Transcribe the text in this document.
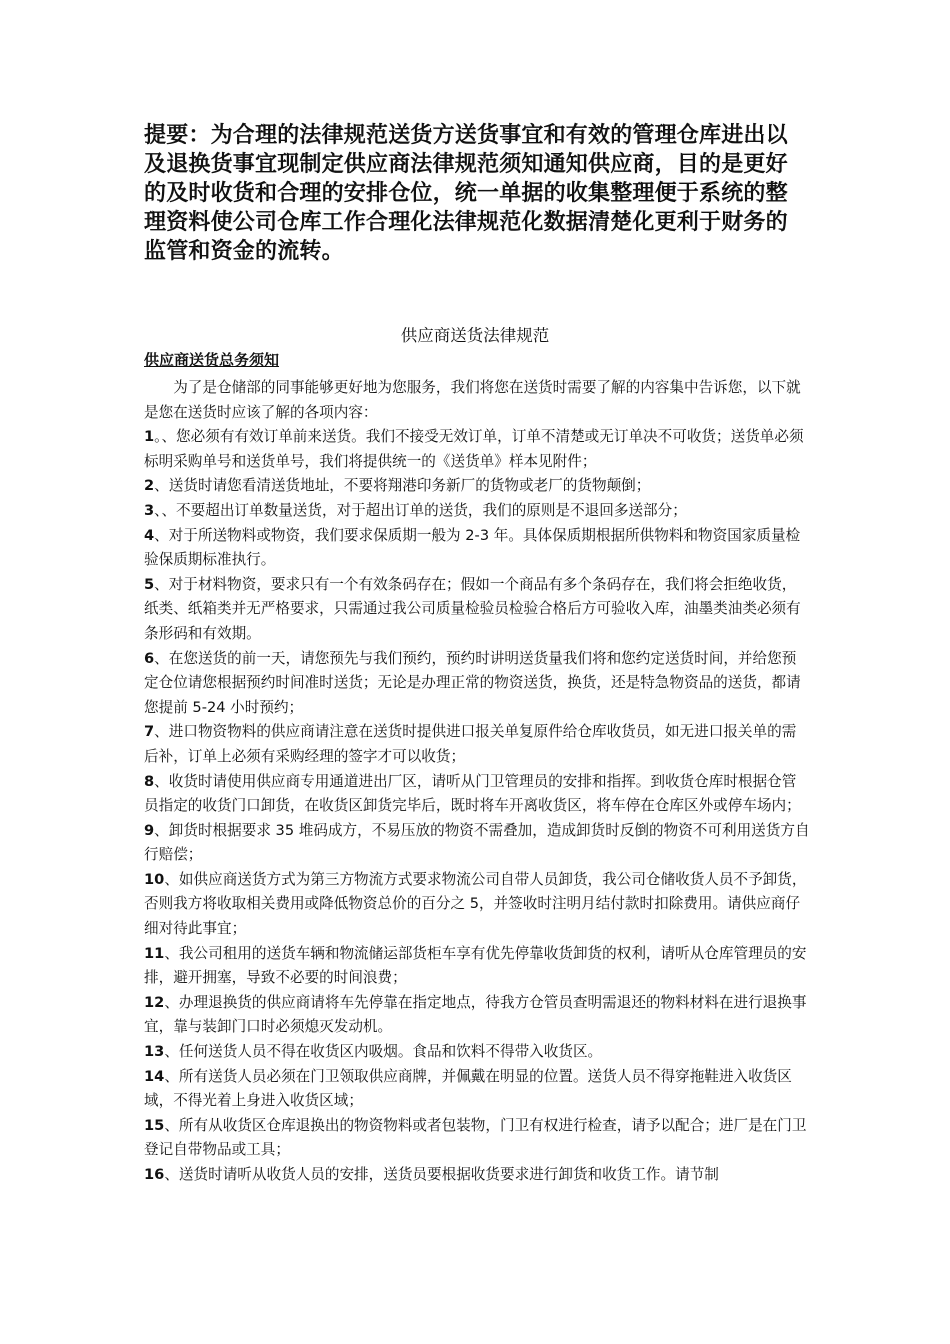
提要：为合理的法律规范送货方送货事宜和有效的管理仓库进出以及退换货事宜现制定供应商法律规范须知通知供应商，目的是更好的及时收货和合理的安排仓位，统一单据的收集整理便于系统的整理资料使公司仓库工作合理化法律规范化数据清楚化更利于财务的监管和资金的流转。

供应商送货法律规范
供应商送货总务须知

为了是仓储部的同事能够更好地为您服务，我们将您在送货时需要了解的内容集中告诉您，以下就是您在送货时应该了解的各项内容：

1。、您必须有有效订单前来送货。我们不接受无效订单，订单不清楚或无订单决不可收货；送货单必须标明采购单号和送货单号，我们将提供统一的《送货单》样本见附件；

2、送货时请您看清送货地址，不要将翔港印务新厂的货物或老厂的货物颠倒；

3、、不要超出订单数量送货，对于超出订单的送货，我们的原则是不退回多送部分；

4、对于所送物料或物资，我们要求保质期一般为 2-3 年。具体保质期根据所供物料和物资国家质量检验保质期标准执行。

5、对于材料物资，要求只有一个有效条码存在；假如一个商品有多个条码存在，我们将会拒绝收货，纸类、纸箱类并无严格要求，只需通过我公司质量检验员检验合格后方可验收入库，油墨类油类必须有条形码和有效期。

6、在您送货的前一天，请您预先与我们预约，预约时讲明送货量我们将和您约定送货时间，并给您预定仓位请您根据预约时间准时送货；无论是办理正常的物资送货，换货，还是特急物资品的送货，都请您提前 5-24 小时预约；

7、进口物资物料的供应商请注意在送货时提供进口报关单复原件给仓库收货员，如无进口报关单的需后补，订单上必须有采购经理的签字才可以收货；

8、收货时请使用供应商专用通道进出厂区，请听从门卫管理员的安排和指挥。到收货仓库时根据仓管员指定的收货门口卸货，在收货区卸货完毕后，既时将车开离收货区，将车停在仓库区外或停车场内；

9、卸货时根据要求 35 堆码成方，不易压放的物资不需叠加，造成卸货时反倒的物资不可利用送货方自行赔偿；

10、如供应商送货方式为第三方物流方式要求物流公司自带人员卸货，我公司仓储收货人员不予卸货，否则我方将收取相关费用或降低物资总价的百分之 5，并签收时注明月结付款时扣除费用。请供应商仔细对待此事宜；

11、我公司租用的送货车辆和物流储运部货柜车享有优先停靠收货卸货的权利，请听从仓库管理员的安排，避开拥塞，导致不必要的时间浪费；

12、办理退换货的供应商请将车先停靠在指定地点，待我方仓管员查明需退还的物料材料在进行退换事宜，靠与装卸门口时必须熄灭发动机。

13、任何送货人员不得在收货区内吸烟。食品和饮料不得带入收货区。

14、所有送货人员必须在门卫领取供应商牌，并佩戴在明显的位置。送货人员不得穿拖鞋进入收货区域，不得光着上身进入收货区域；

15、所有从收货区仓库退换出的物资物料或者包装物，门卫有权进行检查，请予以配合；进厂是在门卫登记自带物品或工具；

16、送货时请听从收货人员的安排，送货员要根据收货要求进行卸货和收货工作。请节制
